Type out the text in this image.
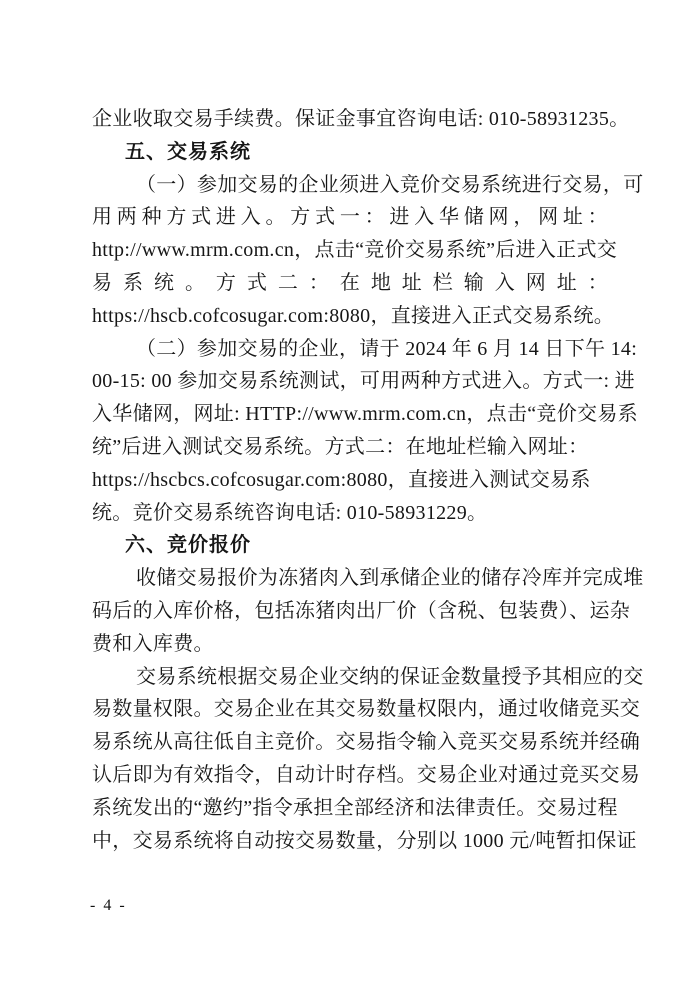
企业收取交易手续费。保证金事宜咨询电话: 010-58931235。
五、交易系统
（一）参加交易的企业须进入竞价交易系统进行交易，可
用两种方式进入。方式一：进入华储网，网址：
http://www.mrm.com.cn，点击“竞价交易系统”后进入正式交
易系统。方式二：在地址栏输入网址：
https://hscb.cofcosugar.com:8080，直接进入正式交易系统。
（二）参加交易的企业，请于 2024 年 6 月 14 日下午 14:
00-15: 00 参加交易系统测试，可用两种方式进入。方式一: 进
入华储网，网址: HTTP://www.mrm.com.cn，点击“竞价交易系
统”后进入测试交易系统。方式二：在地址栏输入网址：
https://hscbcs.cofcosugar.com:8080，直接进入测试交易系
统。竞价交易系统咨询电话: 010-58931229。
六、竞价报价
收储交易报价为冻猪肉入到承储企业的储存冷库并完成堆
码后的入库价格，包括冻猪肉出厂价（含税、包装费）、运杂
费和入库费。
交易系统根据交易企业交纳的保证金数量授予其相应的交
易数量权限。交易企业在其交易数量权限内，通过收储竞买交
易系统从高往低自主竞价。交易指令输入竞买交易系统并经确
认后即为有效指令，自动计时存档。交易企业对通过竞买交易
系统发出的“邀约”指令承担全部经济和法律责任。交易过程
中，交易系统将自动按交易数量，分别以 1000 元/吨暂扣保证
- 4 -
